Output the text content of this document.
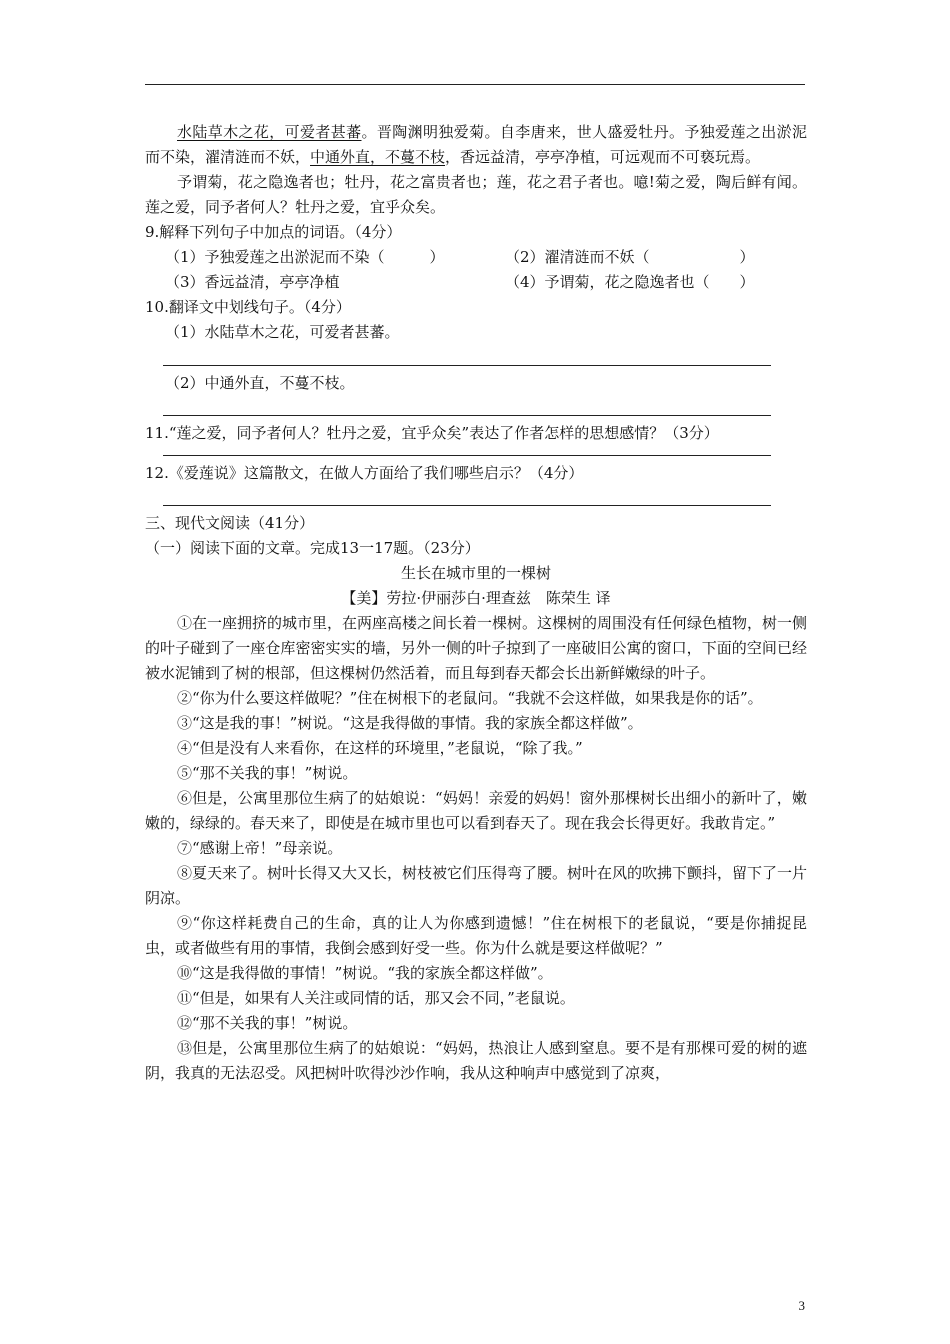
水陆草木之花，可爱者甚蕃。晋陶渊明独爱菊。自李唐来，世人盛爱牡丹。予独爱莲之出淤泥而不染，濯清涟而不妖，中通外直，不蔓不枝，香远益清，亭亭净植，可远观而不可亵玩焉。

予谓菊，花之隐逸者也；牡丹，花之富贵者也；莲，花之君子者也。噫!菊之爱，陶后鲜有闻。莲之爱，同予者何人？牡丹之爱，宜乎众矣。

9.解释下列句子中加点的词语。（4分）

（1）予独爱莲之出淤泥而不染（　　　）	（2）濯清涟而不妖（　　　　　　）
（3）香远益清，亭亭净植	（4）予谓菊，花之隐逸者也（　　）

10.翻译文中划线句子。（4分）

（1）水陆草木之花，可爱者甚蕃。

（2）中通外直，不蔓不枝。

11.“莲之爱，同予者何人？牡丹之爱，宜乎众矣”表达了作者怎样的思想感情？（3分）

12.《爱莲说》这篇散文，在做人方面给了我们哪些启示？（4分）

三、现代文阅读（41分）

（一）阅读下面的文章。完成13一17题。（23分）

生长在城市里的一棵树

【美】劳拉·伊丽莎白·理查兹　陈荣生 译

①在一座拥挤的城市里，在两座高楼之间长着一棵树。这棵树的周围没有任何绿色植物，树一侧的叶子碰到了一座仓库密密实实的墙，另外一侧的叶子掠到了一座破旧公寓的窗口，下面的空间已经被水泥铺到了树的根部，但这棵树仍然活着，而且每到春天都会长出新鲜嫩绿的叶子。

②“你为什么要这样做呢？”住在树根下的老鼠问。“我就不会这样做，如果我是你的话”。

③“这是我的事！”树说。“这是我得做的事情。我的家族全都这样做”。

④“但是没有人来看你，在这样的环境里，”老鼠说，“除了我。”

⑤“那不关我的事！”树说。

⑥但是，公寓里那位生病了的姑娘说：“妈妈！亲爱的妈妈！窗外那棵树长出细小的新叶了，嫩嫩的，绿绿的。春天来了，即使是在城市里也可以看到春天了。现在我会长得更好。我敢肯定。”

⑦“感谢上帝！”母亲说。

⑧夏天来了。树叶长得又大又长，树枝被它们压得弯了腰。树叶在风的吹拂下颤抖，留下了一片阴凉。

⑨“你这样耗费自己的生命，真的让人为你感到遗憾！”住在树根下的老鼠说，“要是你捕捉昆虫，或者做些有用的事情，我倒会感到好受一些。你为什么就是要这样做呢？”

⑩“这是我得做的事情！”树说。“我的家族全都这样做”。

⑪“但是，如果有人关注或同情的话，那又会不同，”老鼠说。

⑫“那不关我的事！”树说。

⑬但是，公寓里那位生病了的姑娘说：“妈妈，热浪让人感到窒息。要不是有那棵可爱的树的遮阴，我真的无法忍受。风把树叶吹得沙沙作响，我从这种响声中感觉到了凉爽，

3
